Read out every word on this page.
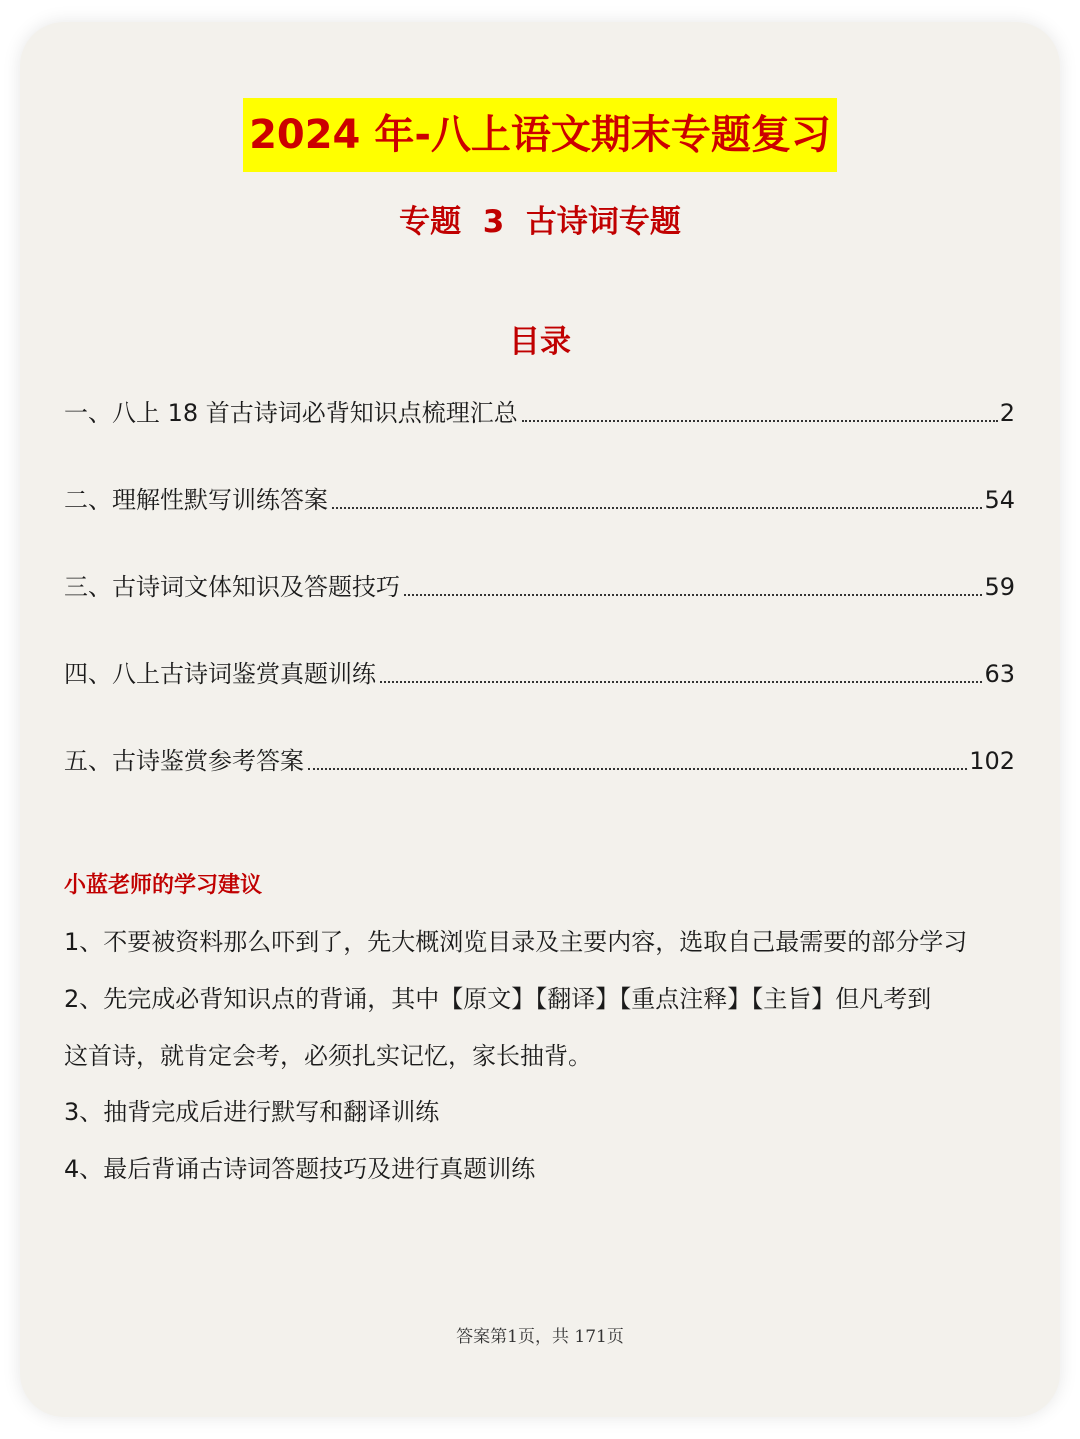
2024 年-八上语文期末专题复习
专题  3  古诗词专题
目录
一、八上 18 首古诗词必背知识点梳理汇总	2
二、理解性默写训练答案	54
三、古诗词文体知识及答题技巧	59
四、八上古诗词鉴赏真题训练	63
五、古诗鉴赏参考答案	102
小蓝老师的学习建议
1、不要被资料那么吓到了，先大概浏览目录及主要内容，选取自己最需要的部分学习
2、先完成必背知识点的背诵，其中【原文】【翻译】【重点注释】【主旨】但凡考到
这首诗，就肯定会考，必须扎实记忆，家长抽背。
3、抽背完成后进行默写和翻译训练
4、最后背诵古诗词答题技巧及进行真题训练
答案第1页，共 171页
